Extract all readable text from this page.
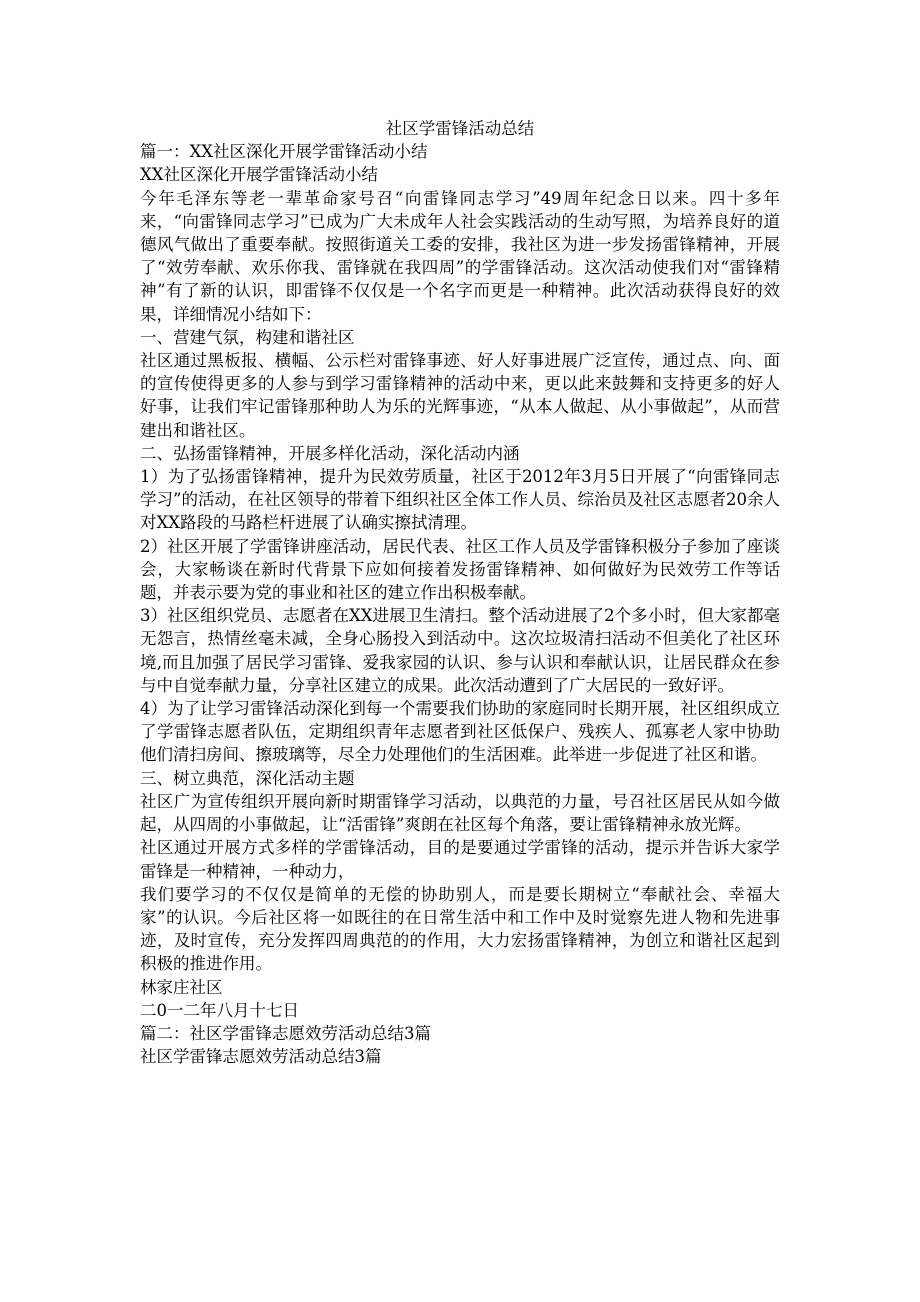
社区学雷锋活动总结

篇一：XX社区深化开展学雷锋活动小结

XX社区深化开展学雷锋活动小结

今年毛泽东等老一辈革命家号召“向雷锋同志学习”49周年纪念日以来。四十多年来，“向雷锋同志学习”已成为广大未成年人社会实践活动的生动写照，为培养良好的道德风气做出了重要奉献。按照街道关工委的安排，我社区为进一步发扬雷锋精神，开展了“效劳奉献、欢乐你我、雷锋就在我四周”的学雷锋活动。这次活动使我们对“雷锋精神”有了新的认识，即雷锋不仅仅是一个名字而更是一种精神。此次活动获得良好的效果，详细情况小结如下：

一、营建气氛，构建和谐社区

社区通过黑板报、横幅、公示栏对雷锋事迹、好人好事进展广泛宣传，通过点、向、面的宣传使得更多的人参与到学习雷锋精神的活动中来，更以此来鼓舞和支持更多的好人好事，让我们牢记雷锋那种助人为乐的光辉事迹，“从本人做起、从小事做起”，从而营建出和谐社区。

二、弘扬雷锋精神，开展多样化活动，深化活动内涵

1）为了弘扬雷锋精神，提升为民效劳质量，社区于2012年3月5日开展了“向雷锋同志学习”的活动，在社区领导的带着下组织社区全体工作人员、综治员及社区志愿者20余人对XX路段的马路栏杆进展了认确实擦拭清理。

2）社区开展了学雷锋讲座活动，居民代表、社区工作人员及学雷锋积极分子参加了座谈会，大家畅谈在新时代背景下应如何接着发扬雷锋精神、如何做好为民效劳工作等话题，并表示要为党的事业和社区的建立作出积极奉献。

3）社区组织党员、志愿者在XX进展卫生清扫。整个活动进展了2个多小时，但大家都毫无怨言，热情丝毫未减，全身心肠投入到活动中。这次垃圾清扫活动不但美化了社区环境,而且加强了居民学习雷锋、爱我家园的认识、参与认识和奉献认识，让居民群众在参与中自觉奉献力量，分享社区建立的成果。此次活动遭到了广大居民的一致好评。

4）为了让学习雷锋活动深化到每一个需要我们协助的家庭同时长期开展，社区组织成立了学雷锋志愿者队伍，定期组织青年志愿者到社区低保户、残疾人、孤寡老人家中协助他们清扫房间、擦玻璃等，尽全力处理他们的生活困难。此举进一步促进了社区和谐。

三、树立典范，深化活动主题

社区广为宣传组织开展向新时期雷锋学习活动，以典范的力量，号召社区居民从如今做起，从四周的小事做起，让“活雷锋”爽朗在社区每个角落，要让雷锋精神永放光辉。

社区通过开展方式多样的学雷锋活动，目的是要通过学雷锋的活动，提示并告诉大家学雷锋是一种精神，一种动力，

我们要学习的不仅仅是简单的无偿的协助别人，而是要长期树立“奉献社会、幸福大家”的认识。今后社区将一如既往的在日常生活中和工作中及时觉察先进人物和先进事迹，及时宣传，充分发挥四周典范的的作用，大力宏扬雷锋精神，为创立和谐社区起到积极的推进作用。

林家庄社区

二0一二年八月十七日

篇二：社区学雷锋志愿效劳活动总结3篇

社区学雷锋志愿效劳活动总结3篇
